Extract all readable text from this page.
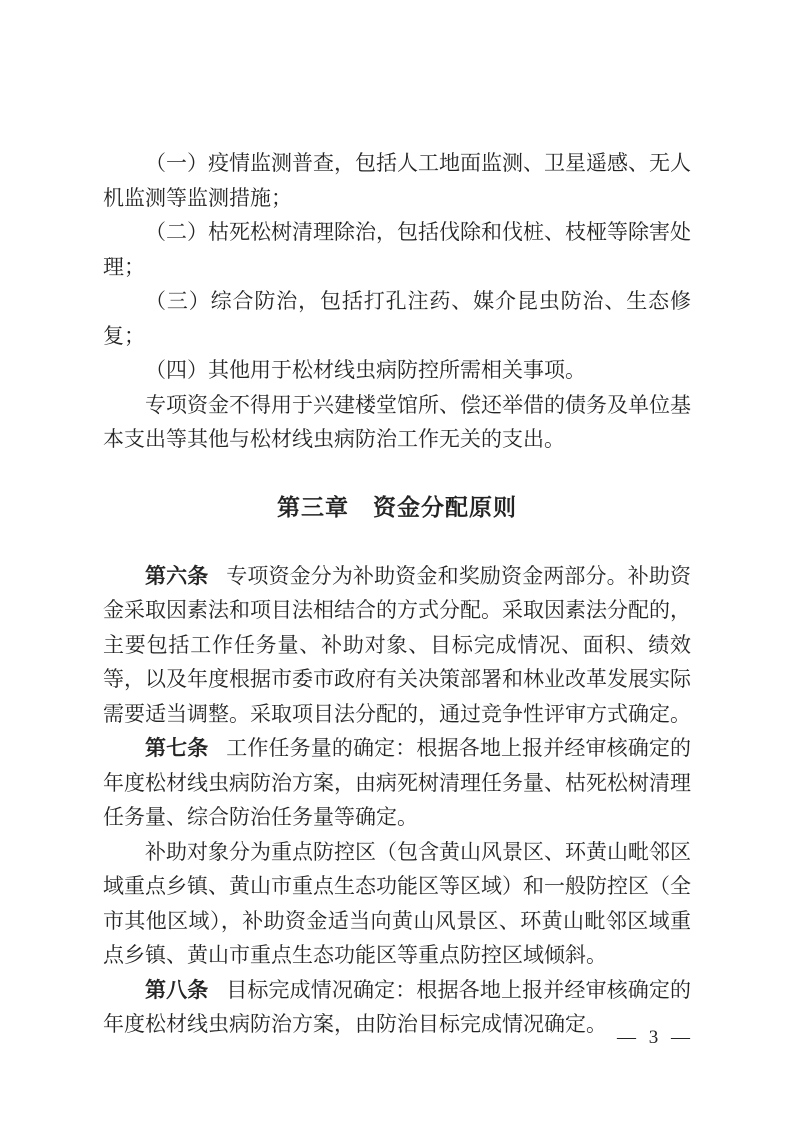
（一）疫情监测普查，包括人工地面监测、卫星遥感、无人机监测等监测措施；

（二）枯死松树清理除治，包括伐除和伐桩、枝桠等除害处理；

（三）综合防治，包括打孔注药、媒介昆虫防治、生态修复；

（四）其他用于松材线虫病防控所需相关事项。

专项资金不得用于兴建楼堂馆所、偿还举借的债务及单位基本支出等其他与松材线虫病防治工作无关的支出。

第三章　资金分配原则

第六条 专项资金分为补助资金和奖励资金两部分。补助资金采取因素法和项目法相结合的方式分配。采取因素法分配的，主要包括工作任务量、补助对象、目标完成情况、面积、绩效等，以及年度根据市委市政府有关决策部署和林业改革发展实际需要适当调整。采取项目法分配的，通过竞争性评审方式确定。

第七条 工作任务量的确定：根据各地上报并经审核确定的年度松材线虫病防治方案，由病死树清理任务量、枯死松树清理任务量、综合防治任务量等确定。

补助对象分为重点防控区（包含黄山风景区、环黄山毗邻区域重点乡镇、黄山市重点生态功能区等区域）和一般防控区（全市其他区域），补助资金适当向黄山风景区、环黄山毗邻区域重点乡镇、黄山市重点生态功能区等重点防控区域倾斜。

第八条 目标完成情况确定：根据各地上报并经审核确定的年度松材线虫病防治方案，由防治目标完成情况确定。

— 3 —
